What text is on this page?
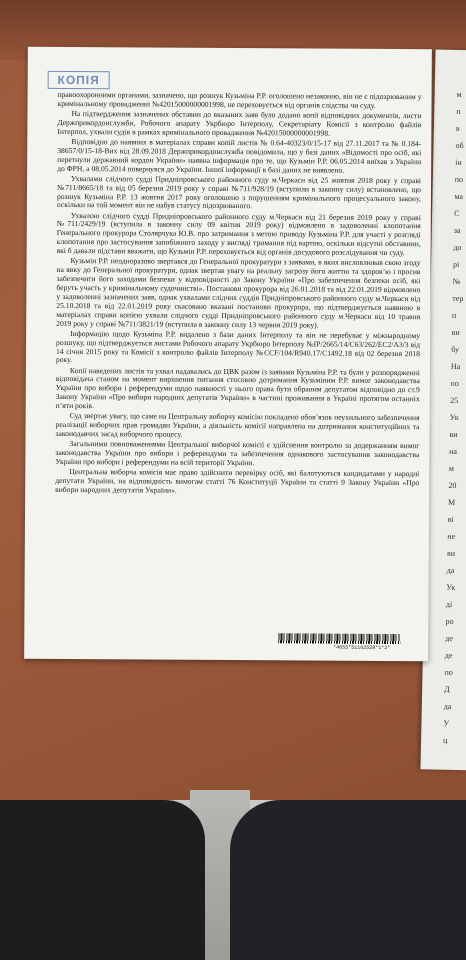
м
п
в
об
ін
по
ма
С
за
до
рі
№
тер
п
ви
бу
На
по
25
Ук
ви
на
м
20
M
ві
не
ви
да
Ук
ді
ро
де
де
по
Д
да
У
ц
КОПІЯ

правоохоронними органами, зазначено, що розшук Кузьміна Р.Р. оголошено незаконно, він не є підозрюваним у кримінальному провадженні №42015000000001998, не переховується від органів слідства чи суду.

На підтвердження зазначених обставин до вказаних заяв було додано копії відповідних документів, листи Держприкордонслужби, Робочого апарату Укрбюро Інтерполу, Секретаріату Комісії з контролю файлів Інтерпол, ухвали судів в рамках кримінального провадження №42015000000001998.

Відповідно до наявних в матеріалах справи копій листів № 0.64-40323/0/15-17 від 27.11.2017 та № 0.184-38657/0/15-18-Вих від 28.09.2018 Держприкордонслужба повідомила, що у базі даних «Відомості про осіб, які перетнули державний кордон України» наявна інформація про те, що Кузьмін Р.Р. 06.05.2014 виїхав з України до ФРН, а 08.05.2014 повернувся до України. Іншої інформації в базі даних не виявлено.

Ухвалами слідчого судді Придніпровського районного суду м.Черкаси від 25 жовтня 2018 року у справі №711/8665/18 та від 05 березня 2019 року у справі №711/928/19 (вступили в законну силу) встановлено, що розшук Кузьміна Р.Р. 13 жовтня 2017 року оголошено з порушенням кримінального процесуального закону, оскільки на той момент він не набув статусу підозрюваного.

Ухвалою слідчого судді Придніпровського районного суду м.Черкаси від 21 березня 2019 року у справі №711/2429/19 (вступила в законну силу 09 квітня 2019 року) відмовлено в задоволенні клопотання Генерального прокурора Столярчука Ю.В. про затримання з метою приводу Кузьміна Р.Р. для участі у розгляді клопотання про застосування запобіжного заходу у вигляді тримання під вартою, оскільки відсутні обставини, які б давали підстави вважати, що Кузьмін Р.Р. переховується від органів досудового розслідування чи суду.

Кузьмін Р.Р. неодноразово звертався до Генеральної прокуратури з заявами, в яких висловлював свою згоду на явку до Генеральної прокуратури, однак звертав увагу на реальну загрозу його життю та здоров’ю і просив забезпечити його заходами безпеки у відповідності до Закону України «Про забезпечення безпеки осіб, які беруть участь у кримінальному судочинстві». Постанови прокурора від 26.01.2018 та від 22.01.2019 відмовлено у задоволенні зазначених заяв, однак ухвалами слідчих суддів Придніпровського районного суду м.Черкаси від 25.10.2018 та від 22.01.2019 року скасовано вказані постанови прокурора, що підтверджується наявною в матеріалах справи копією ухвали слідчого судді Придніпровського районного суду м.Черкаси від 10 травня 2019 року у справі №711/3821/19 (вступила в законну силу 13 червня 2019 року).

Інформацію щодо Кузьміна Р.Р. видалено з бази даних Інтерполу та він не перебуває у міжнародному розшуку, що підтверджується листами Робочого апарату Укрбюро Інтерполу №ІР/2665/14/С63/262/ЕС2/А3/3 від 14 січня 2015 року та Комісії з контролю файлів Інтерполу №CCF/104/R940.17/C1492.18 від 02 березня 2018 року.

Копії наведених листів та ухвал надавались до ЦВК разом із заявами Кузьміна Р.Р. та були у розпорядженні відповідача станом на момент вирішення питання стосовно дотримання Кузьміним Р.Р. вимог законодавства України про вибори і референдуми щодо наявності у нього права бути обраним депутатом відповідно до ст.9 Закону України «Про вибори народних депутатів України» в частині проживання в Україні протягом останніх п’яти років.

Суд звертає увагу, що саме на Центральну виборчу комісію покладено обов’язок неухильного забезпечення реалізації виборчих прав громадян України, а діяльність комісії направлена на дотримання конституційних та законодавчих засад виборчого процесу.

Загальними повноваженнями Центральної виборчої комісії є здійснення контролю за додержанням вимог законодавства України про вибори і референдуми та забезпечення однакового застосування законодавства України про вибори і референдуми на всій території України.

Центральна виборча комісія має право здійснити перевірку осіб, які балотуються кандидатами у народні депутати України, на відповідність вимогам статті 76 Конституції України та статті 9 Закону України «Про вибори народних депутатів України».

*4055*51162528*1*2*
